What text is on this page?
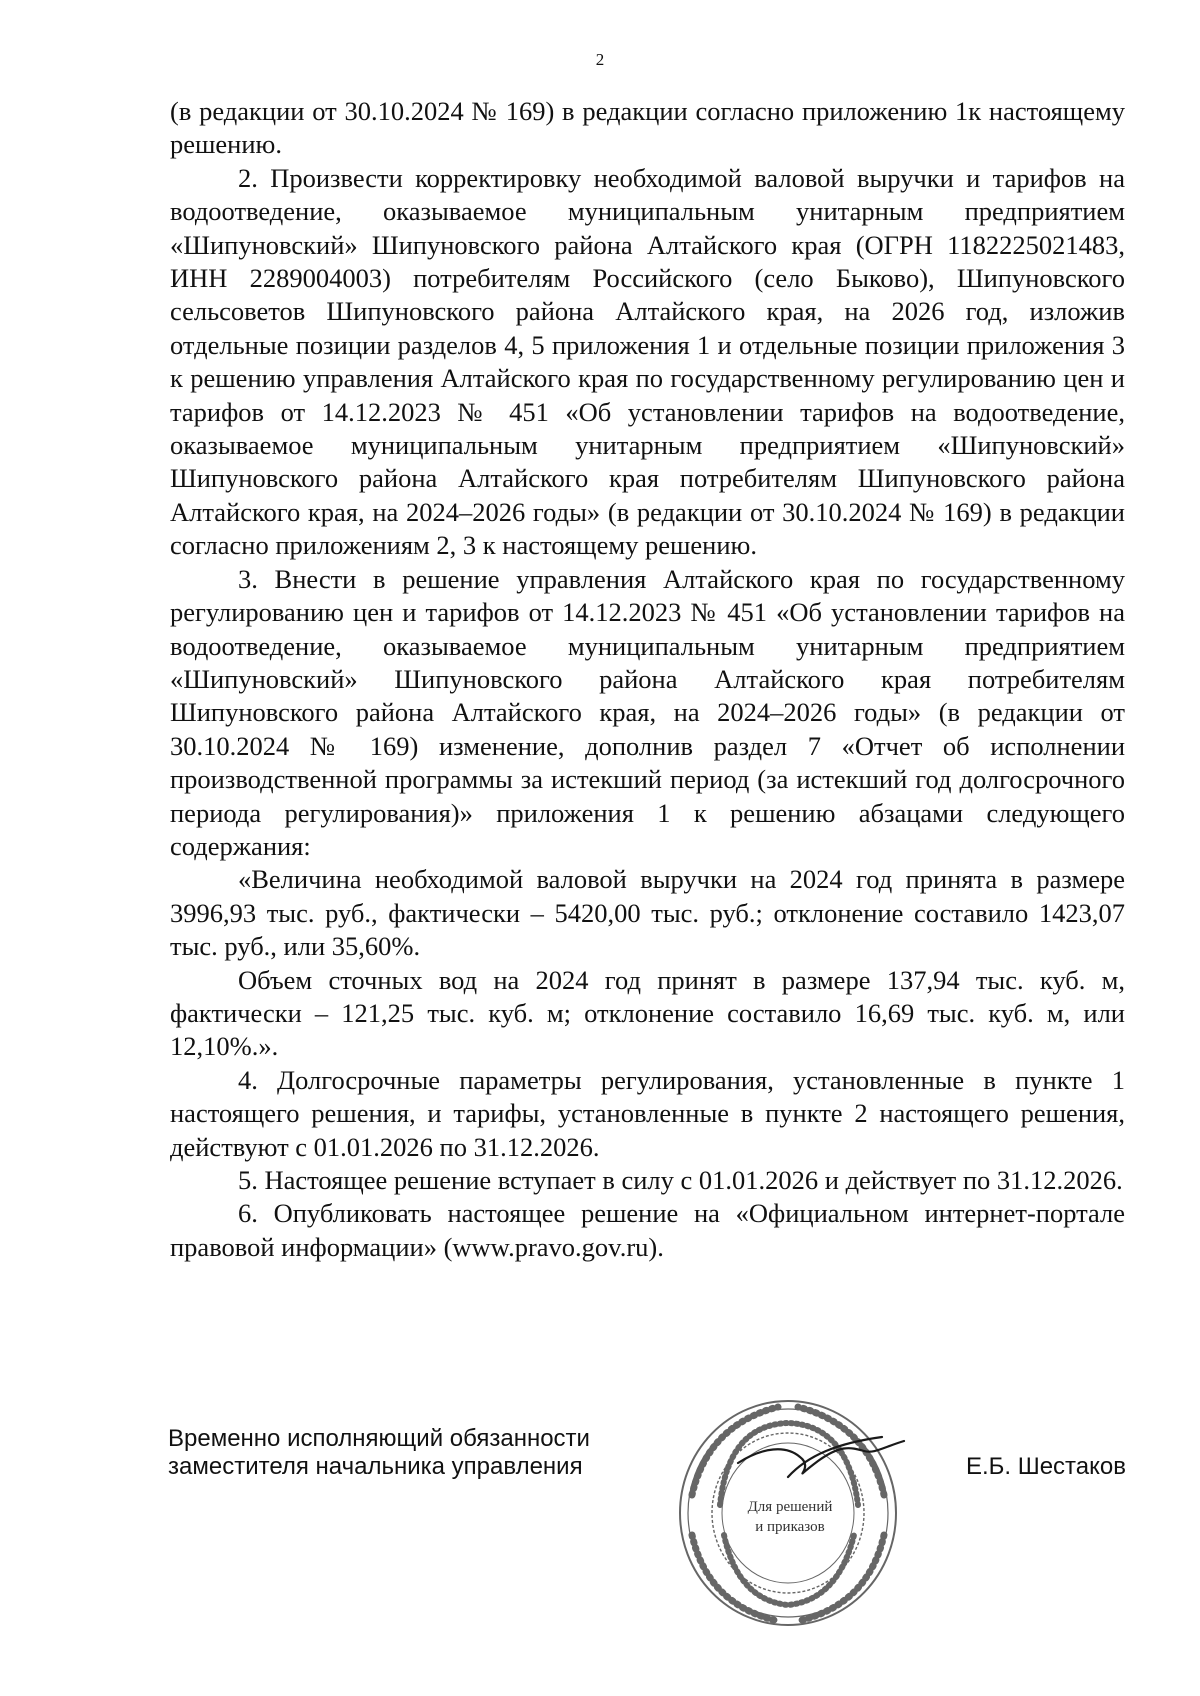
2

(в редакции от 30.10.2024 № 169) в редакции согласно приложению 1к настоящему решению.

2. Произвести корректировку необходимой валовой выручки и тарифов на водоотведение, оказываемое муниципальным унитарным предприятием «Шипуновский» Шипуновского района Алтайского края (ОГРН 1182225021483, ИНН 2289004003) потребителям Российского (село Быково), Шипуновского сельсоветов Шипуновского района Алтайского края, на 2026 год, изложив отдельные позиции разделов 4, 5 приложения 1 и отдельные позиции приложения 3 к решению управления Алтайского края по государственному регулированию цен и тарифов от 14.12.2023 № 451 «Об установлении тарифов на водоотведение, оказываемое муниципальным унитарным предприятием «Шипуновский» Шипуновского района Алтайского края потребителям Шипуновского района Алтайского края, на 2024–2026 годы» (в редакции от 30.10.2024 № 169) в редакции согласно приложениям 2, 3 к настоящему решению.

3. Внести в решение управления Алтайского края по государственному регулированию цен и тарифов от 14.12.2023 № 451 «Об установлении тарифов на водоотведение, оказываемое муниципальным унитарным предприятием «Шипуновский» Шипуновского района Алтайского края потребителям Шипуновского района Алтайского края, на 2024–2026 годы» (в редакции от 30.10.2024 № 169) изменение, дополнив раздел 7 «Отчет об исполнении производственной программы за истекший период (за истекший год долгосрочного периода регулирования)» приложения 1 к решению абзацами следующего содержания:

«Величина необходимой валовой выручки на 2024 год принята в размере 3996,93 тыс. руб., фактически – 5420,00 тыс. руб.; отклонение составило 1423,07 тыс. руб., или 35,60%.

Объем сточных вод на 2024 год принят в размере 137,94 тыс. куб. м, фактически – 121,25 тыс. куб. м; отклонение составило 16,69 тыс. куб. м, или 12,10%.».

4. Долгосрочные параметры регулирования, установленные в пункте 1 настоящего решения, и тарифы, установленные в пункте 2 настоящего решения, действуют с 01.01.2026 по 31.12.2026.

5. Настоящее решение вступает в силу с 01.01.2026 и действует по 31.12.2026.

6. Опубликовать настоящее решение на «Официальном интернет-портале правовой информации» (www.pravo.gov.ru).

Временно исполняющий обязанности
заместителя начальника управления
Для решений
и приказов
Е.Б. Шестаков
